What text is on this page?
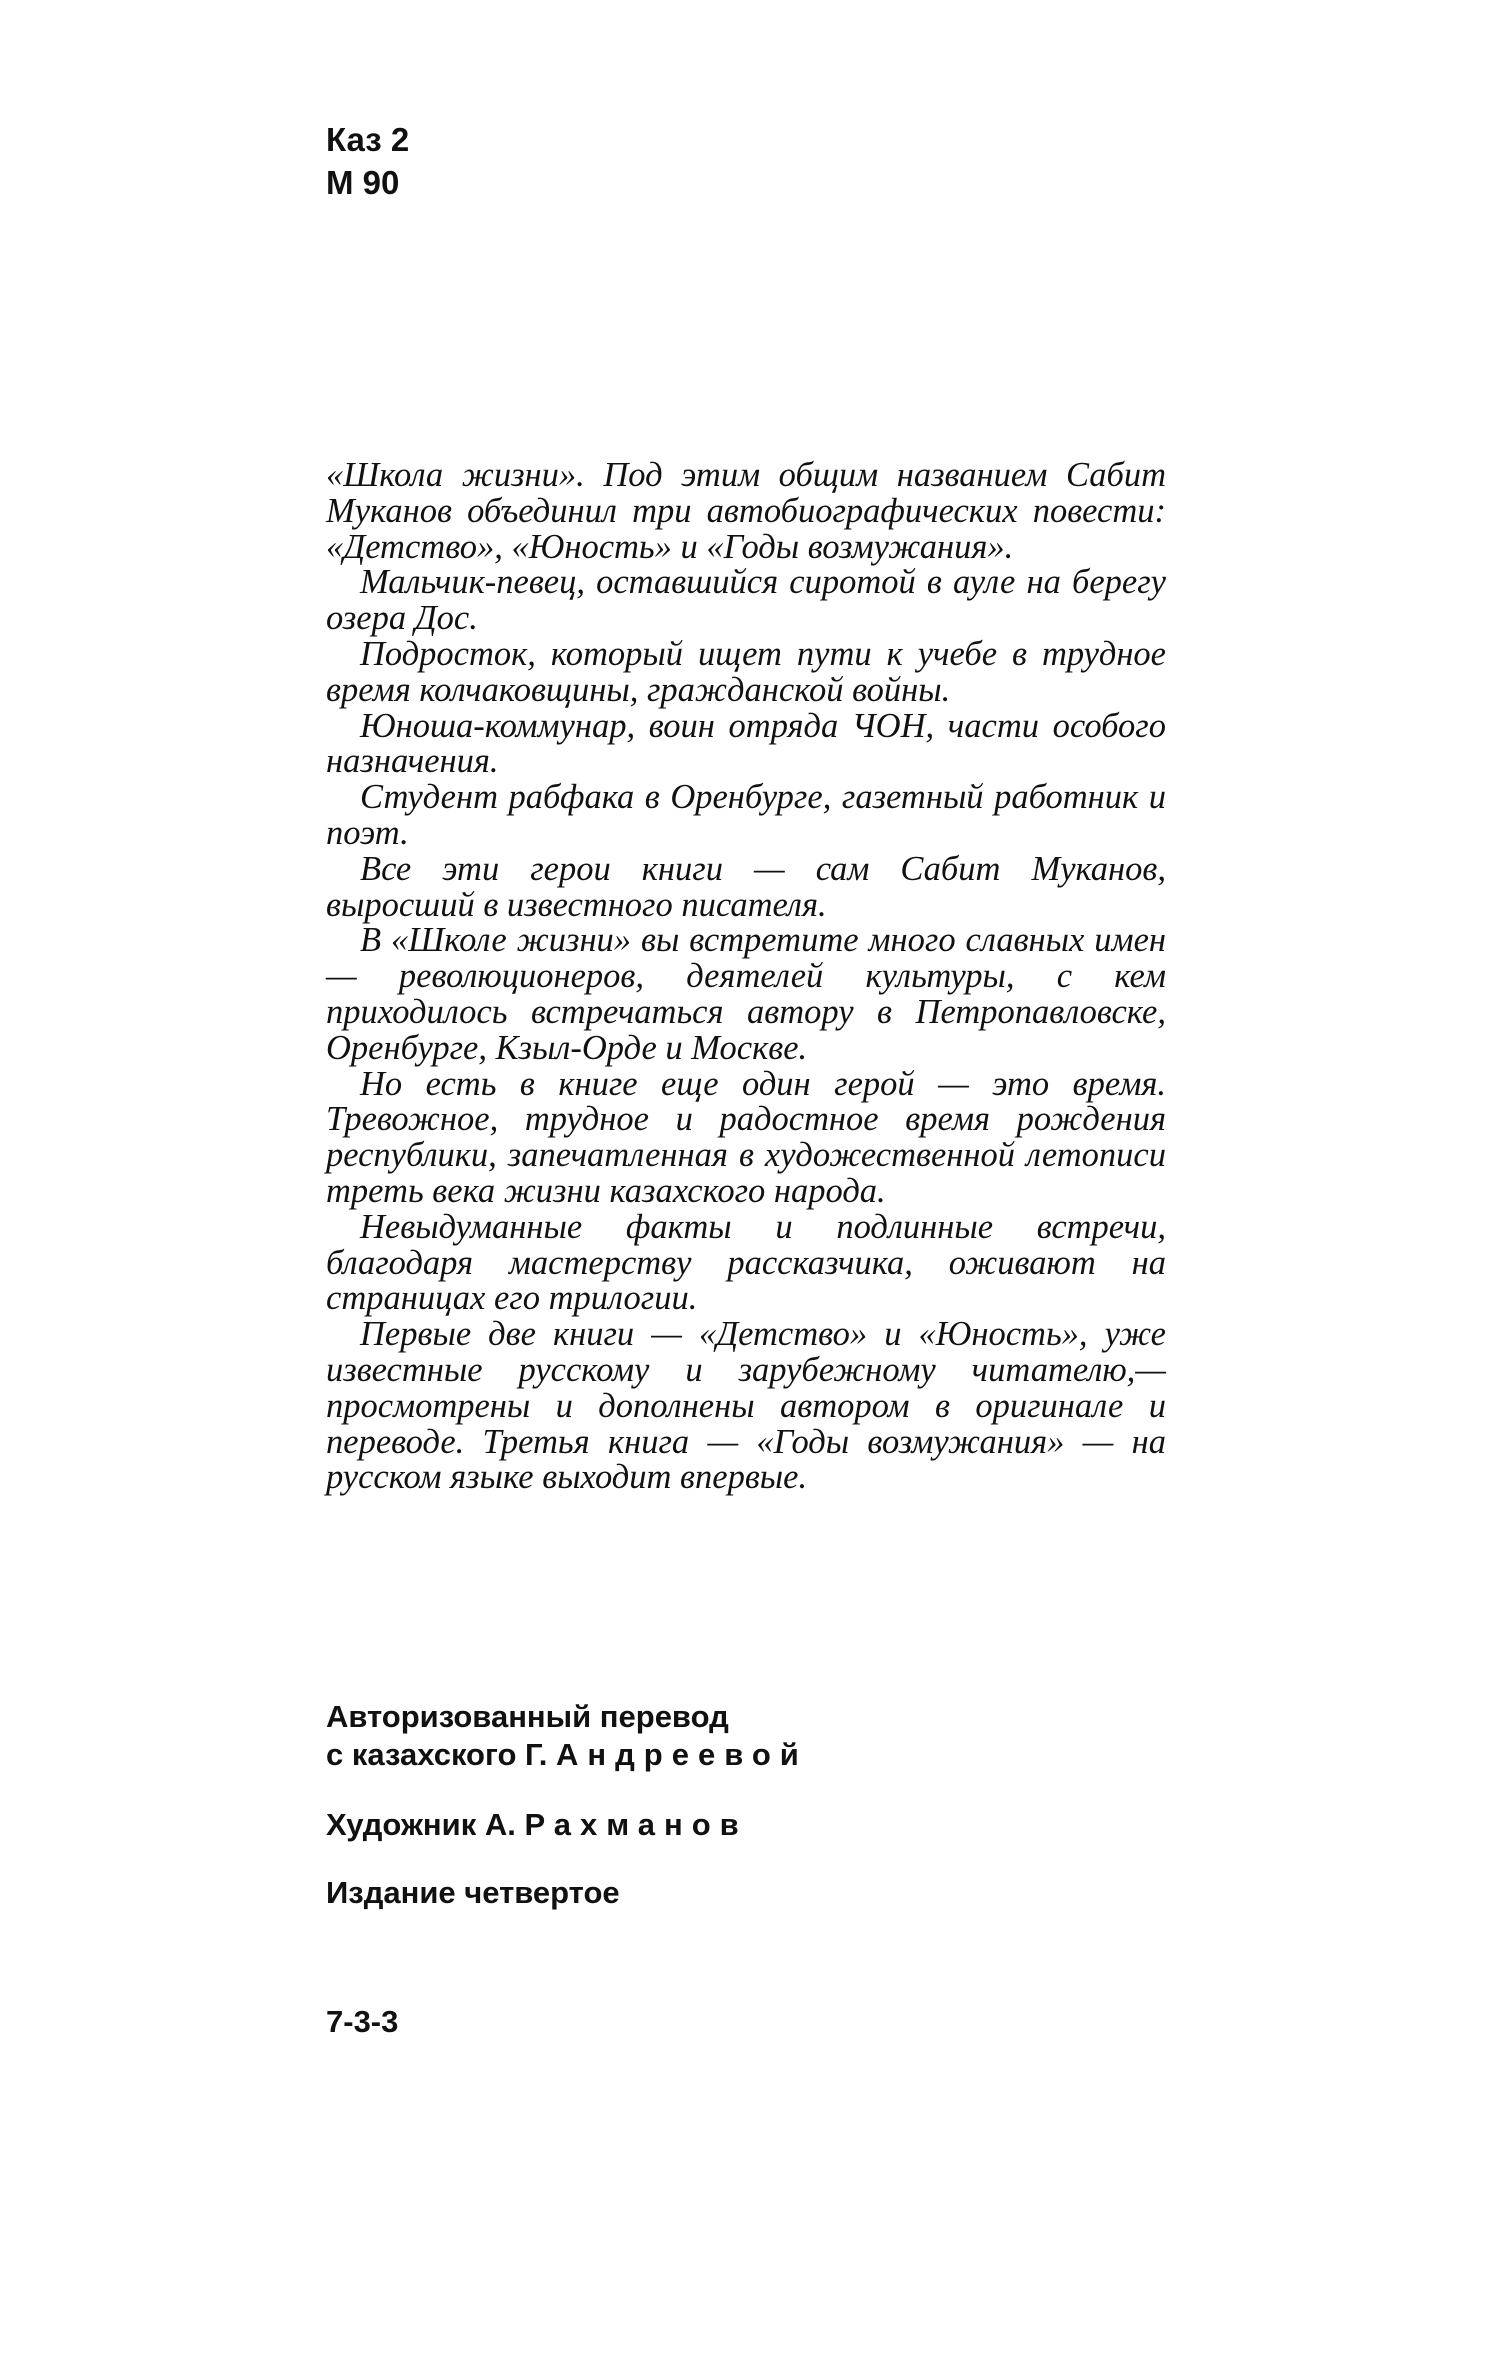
Каз 2
М 90

«Школа жизни». Под этим общим названием Сабит Муканов объединил три автобиографических повести: «Детство», «Юность» и «Годы возмужания».

Мальчик-певец, оставшийся сиротой в ауле на берегу озера Дос.

Подросток, который ищет пути к учебе в трудное время колчаковщины, гражданской войны.

Юноша-коммунар, воин отряда ЧОН, части особого назначения.

Студент рабфака в Оренбурге, газетный работник и поэт.

Все эти герои книги — сам Сабит Муканов, выросший в известного писателя.

В «Школе жизни» вы встретите много славных имен — революционеров, деятелей культуры, с кем приходилось встречаться автору в Петропавловске, Оренбурге, Кзыл-Орде и Москве.

Но есть в книге еще один герой — это время. Тревожное, трудное и радостное время рождения республики, запечатленная в художественной летописи треть века жизни казахского народа.

Невыдуманные факты и подлинные встречи, благодаря мастерству рассказчика, оживают на страницах его трилогии.

Первые две книги — «Детство» и «Юность», уже известные русскому и зарубежному читателю,— просмотрены и дополнены автором в оригинале и переводе. Третья книга — «Годы возмужания» — на русском языке выходит впервые.

Авторизованный перевод
с казахского Г. Андреевой
Художник А. Рахманов
Издание четвертое
7-3-3
